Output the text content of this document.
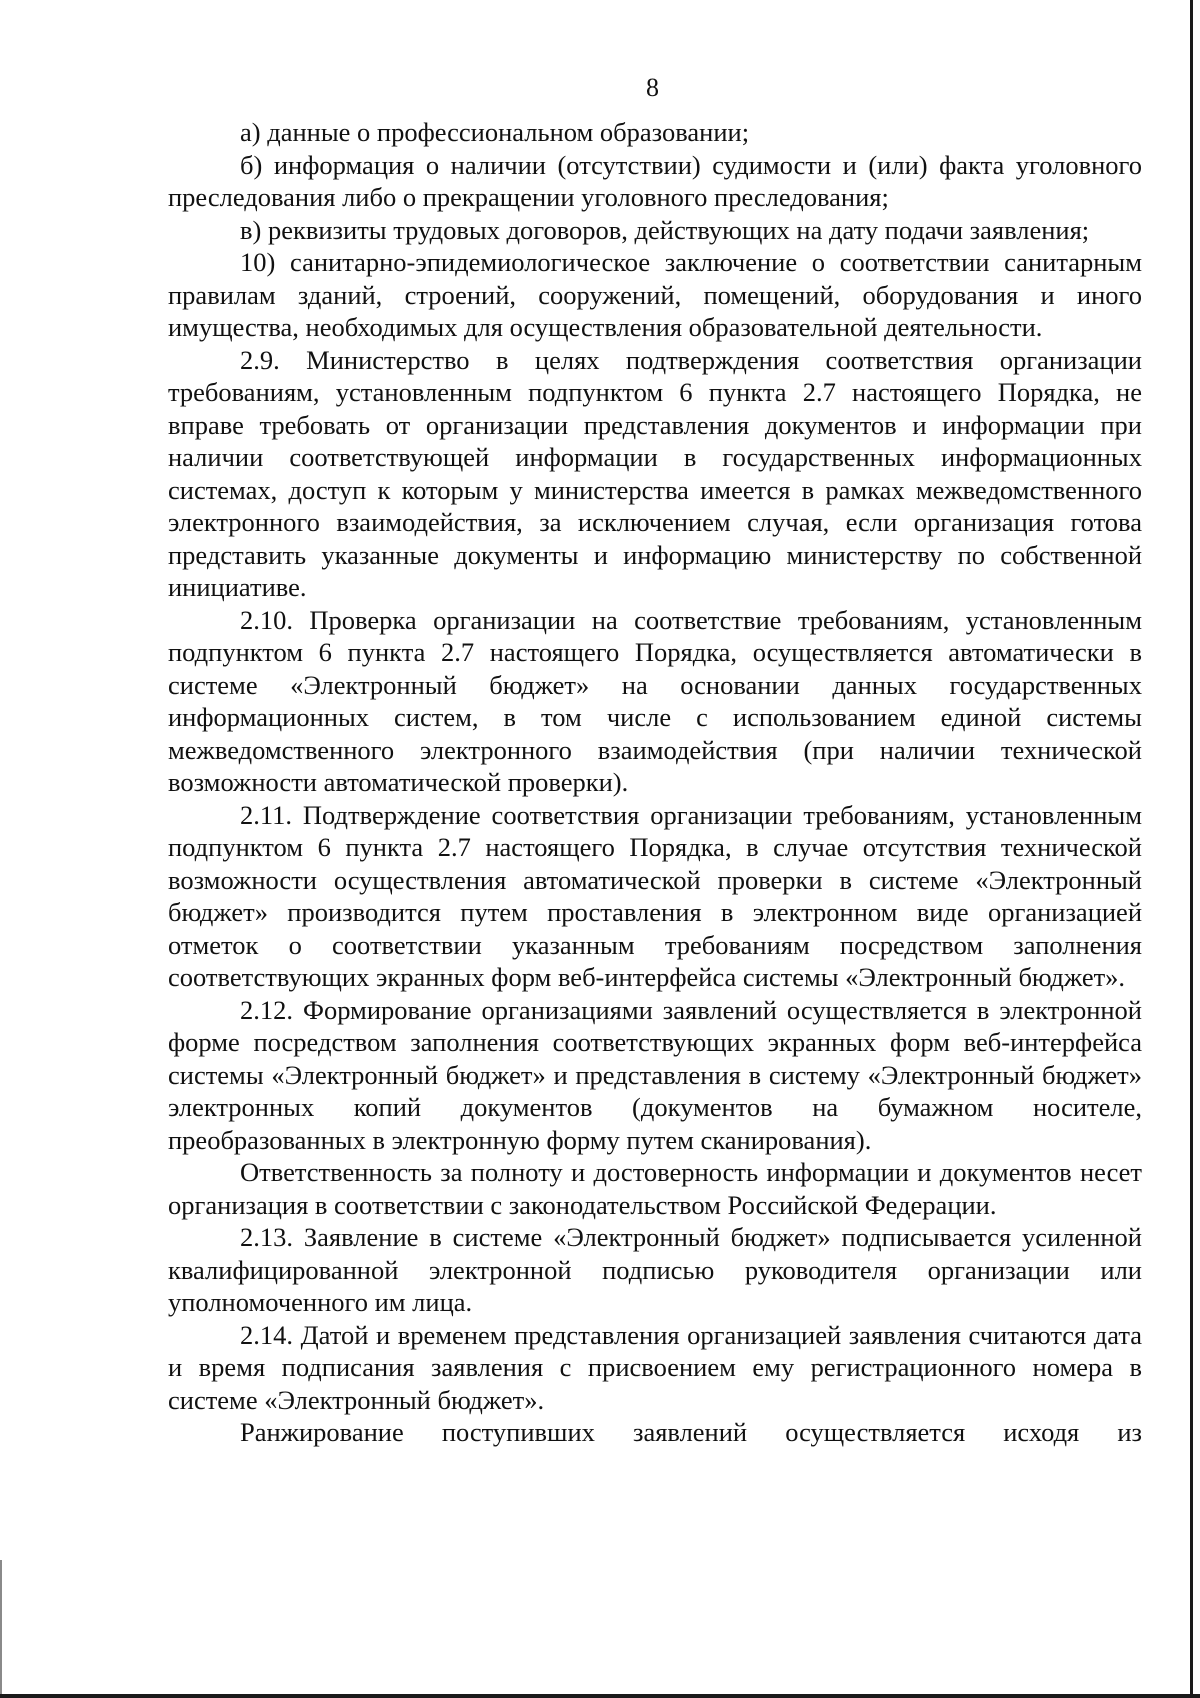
8

а) данные о профессиональном образовании;

б) информация о наличии (отсутствии) судимости и (или) факта уголовного преследования либо о прекращении уголовного преследования;

в) реквизиты трудовых договоров, действующих на дату подачи заявления;

10) санитарно-эпидемиологическое заключение о соответствии санитарным правилам зданий, строений, сооружений, помещений, оборудования и иного имущества, необходимых для осуществления образовательной деятельности.

2.9. Министерство в целях подтверждения соответствия организации требованиям, установленным подпунктом 6 пункта 2.7 настоящего Порядка, не вправе требовать от организации представления документов и информации при наличии соответствующей информации в государственных информационных системах, доступ к которым у министерства имеется в рамках межведомственного электронного взаимодействия, за исключением случая, если организация готова представить указанные документы и информацию министерству по собственной инициативе.

2.10. Проверка организации на соответствие требованиям, установленным подпунктом 6 пункта 2.7 настоящего Порядка, осуществляется автоматически в системе «Электронный бюджет» на основании данных государственных информационных систем, в том числе с использованием единой системы межведомственного электронного взаимодействия (при наличии технической возможности автоматической проверки).

2.11. Подтверждение соответствия организации требованиям, установленным подпунктом 6 пункта 2.7 настоящего Порядка, в случае отсутствия технической возможности осуществления автоматической проверки в системе «Электронный бюджет» производится путем проставления в электронном виде организацией отметок о соответствии указанным требованиям посредством заполнения соответствующих экранных форм веб-интерфейса системы «Электронный бюджет».

2.12. Формирование организациями заявлений осуществляется в электронной форме посредством заполнения соответствующих экранных форм веб-интерфейса системы «Электронный бюджет» и представления в систему «Электронный бюджет» электронных копий документов (документов на бумажном носителе, преобразованных в электронную форму путем сканирования).

Ответственность за полноту и достоверность информации и документов несет организация в соответствии с законодательством Российской Федерации.

2.13. Заявление в системе «Электронный бюджет» подписывается усиленной квалифицированной электронной подписью руководителя организации или уполномоченного им лица.

2.14. Датой и временем представления организацией заявления считаются дата и время подписания заявления с присвоением ему регистрационного номера в системе «Электронный бюджет».

Ранжирование поступивших заявлений осуществляется исходя из
